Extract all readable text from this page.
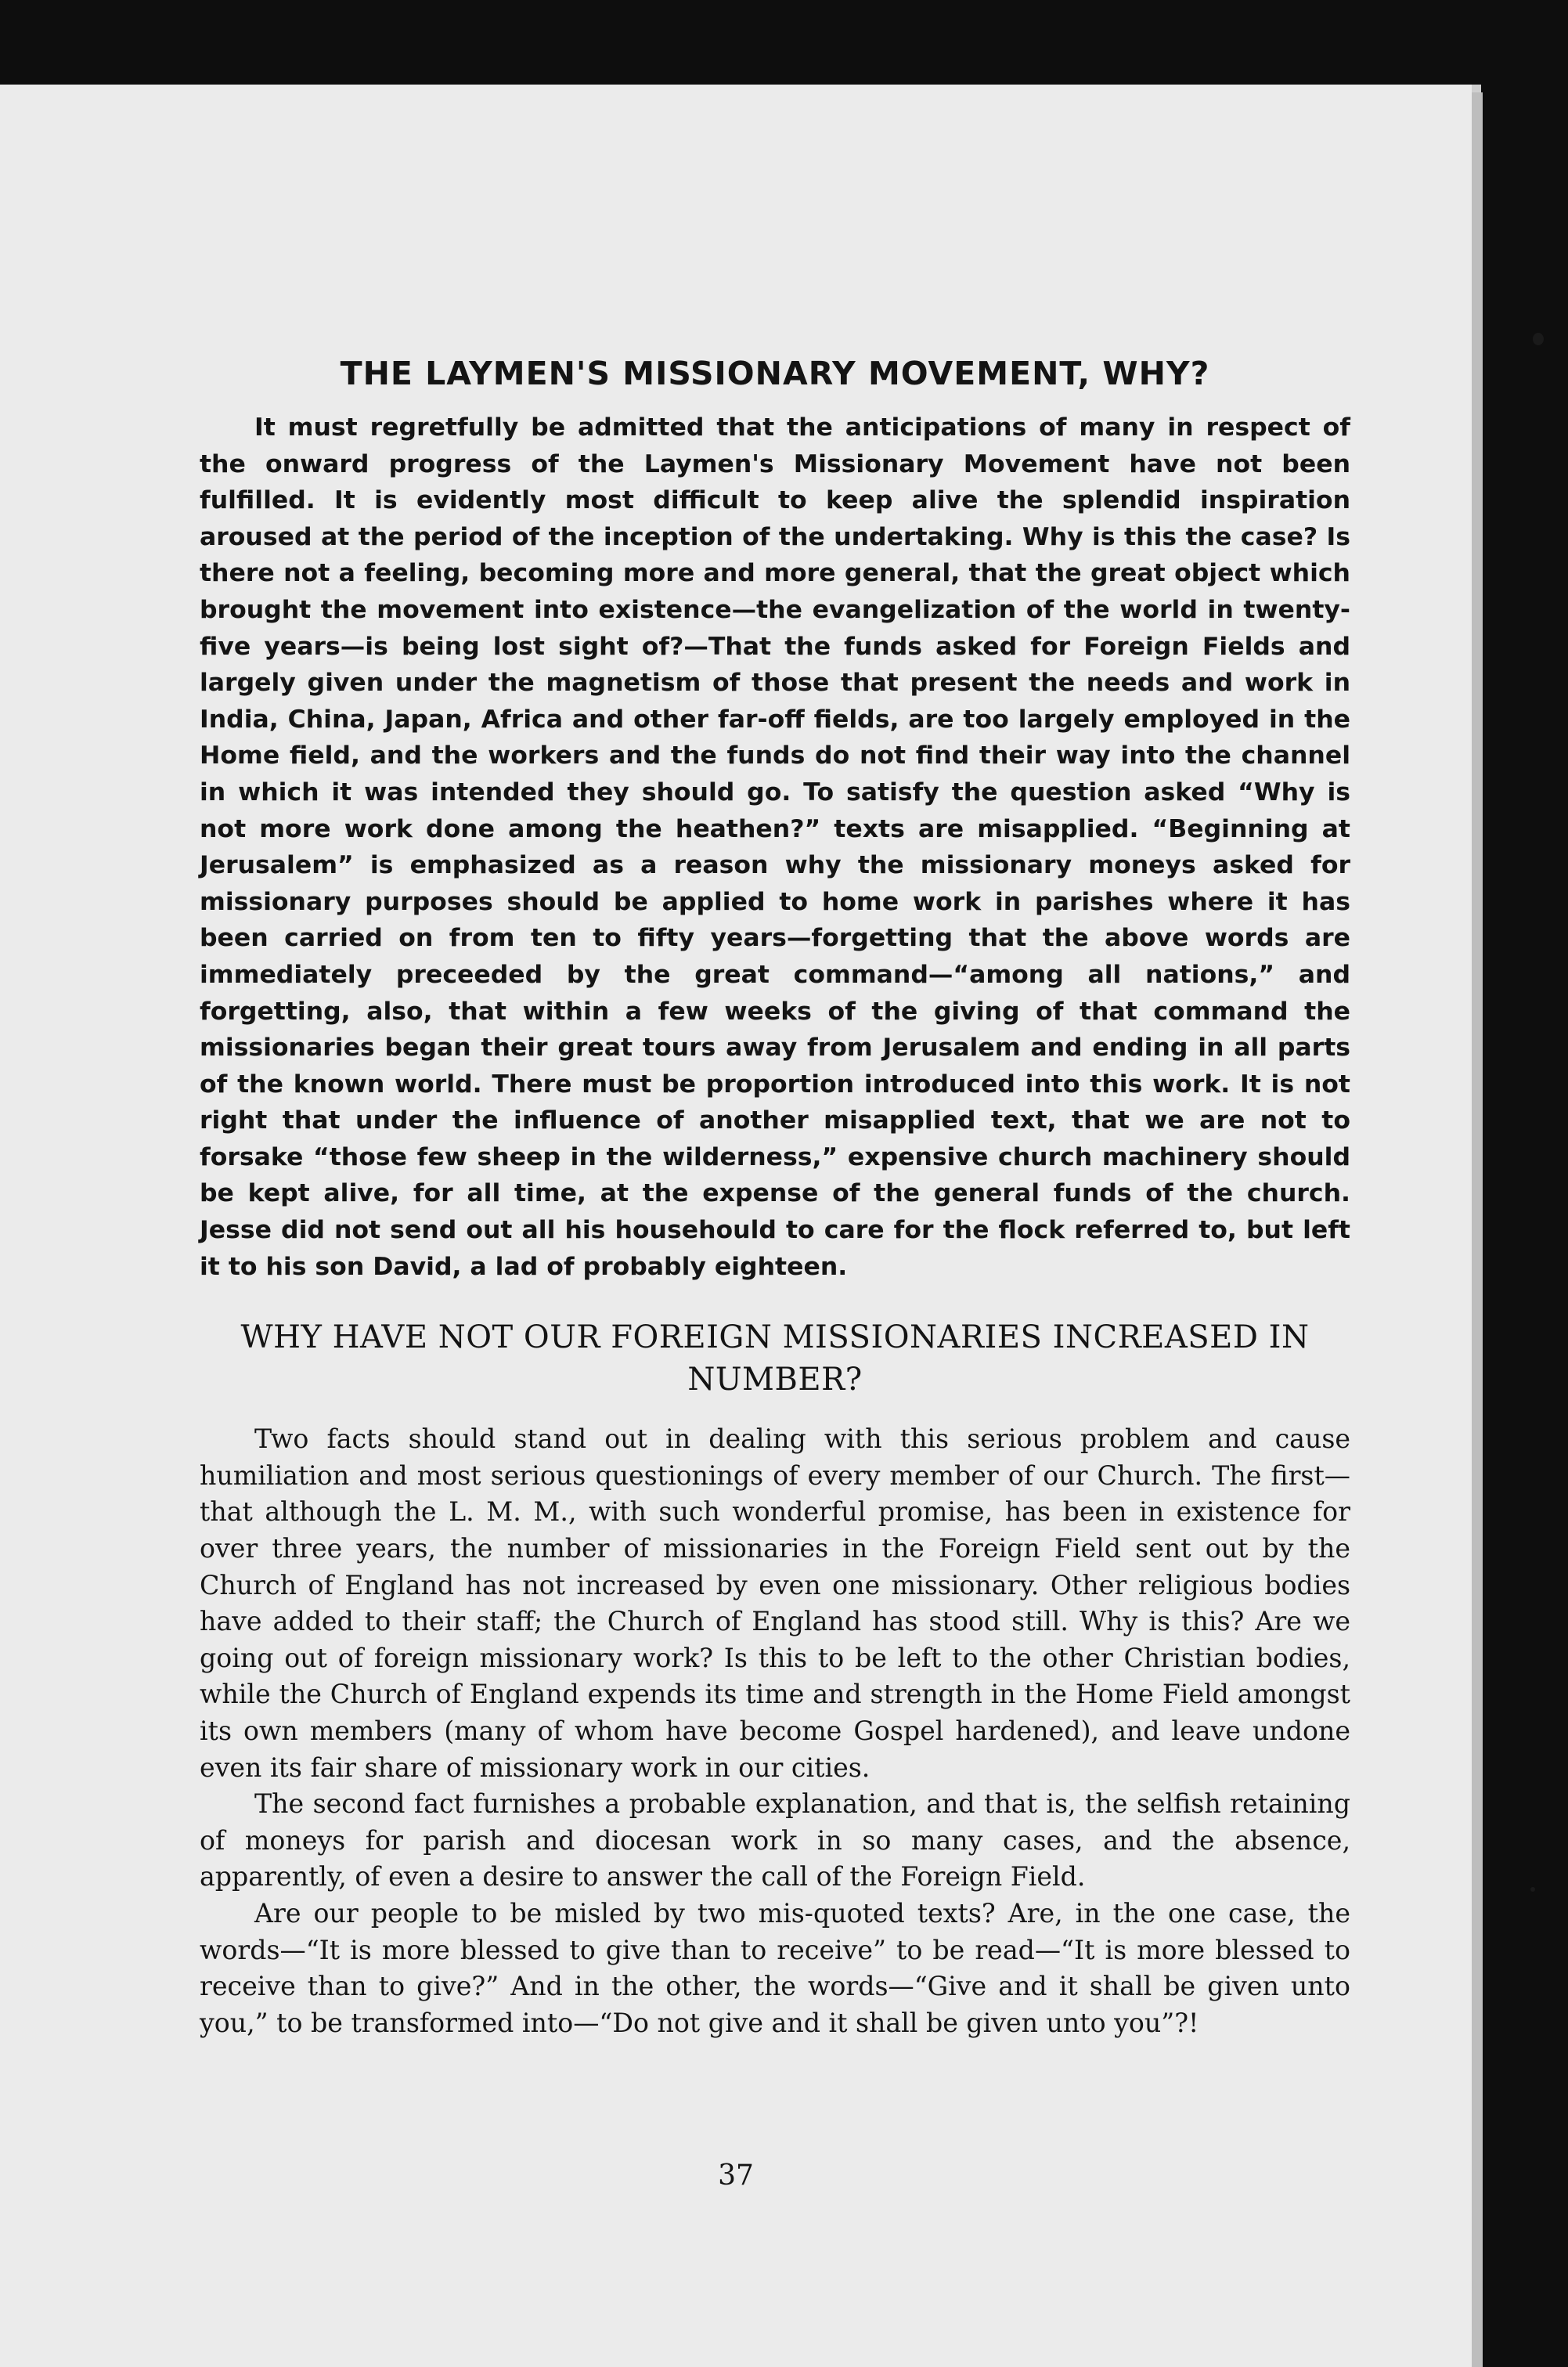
THE LAYMEN'S MISSIONARY MOVEMENT, WHY?

It must regretfully be admitted that the anticipations of many in respect of the onward progress of the Laymen's Missionary Movement have not been fulfilled. It is evidently most difficult to keep alive the splendid inspiration aroused at the period of the inception of the undertaking. Why is this the case? Is there not a feeling, becoming more and more general, that the great object which brought the movement into existence—the evangelization of the world in twenty-five years—is being lost sight of?—That the funds asked for Foreign Fields and largely given under the magnetism of those that present the needs and work in India, China, Japan, Africa and other far-off fields, are too largely employed in the Home field, and the workers and the funds do not find their way into the channel in which it was intended they should go. To satisfy the question asked “Why is not more work done among the heathen?” texts are misapplied. “Beginning at Jerusalem” is emphasized as a reason why the missionary moneys asked for missionary purposes should be applied to home work in parishes where it has been carried on from ten to fifty years—forgetting that the above words are immediately preceeded by the great command—“among all nations,” and forgetting, also, that within a few weeks of the giving of that command the missionaries began their great tours away from Jerusalem and ending in all parts of the known world. There must be proportion introduced into this work. It is not right that under the influence of another misapplied text, that we are not to forsake “those few sheep in the wilderness,” expensive church machinery should be kept alive, for all time, at the expense of the general funds of the church. Jesse did not send out all his househould to care for the flock referred to, but left it to his son David, a lad of probably eighteen.

WHY HAVE NOT OUR FOREIGN MISSIONARIES INCREASED IN NUMBER?

Two facts should stand out in dealing with this serious problem and cause humiliation and most serious questionings of every member of our Church. The first—that although the L. M. M., with such wonderful promise, has been in existence for over three years, the number of missionaries in the Foreign Field sent out by the Church of England has not increased by even one missionary. Other religious bodies have added to their staff; the Church of England has stood still. Why is this? Are we going out of foreign missionary work? Is this to be left to the other Christian bodies, while the Church of England expends its time and strength in the Home Field amongst its own members (many of whom have become Gospel hardened), and leave undone even its fair share of missionary work in our cities.

The second fact furnishes a probable explanation, and that is, the selfish retaining of moneys for parish and diocesan work in so many cases, and the absence, apparently, of even a desire to answer the call of the Foreign Field.

Are our people to be misled by two mis-quoted texts? Are, in the one case, the words—“It is more blessed to give than to receive” to be read—“It is more blessed to receive than to give?” And in the other, the words—“Give and it shall be given unto you,” to be transformed into—“Do not give and it shall be given unto you”?!

37
